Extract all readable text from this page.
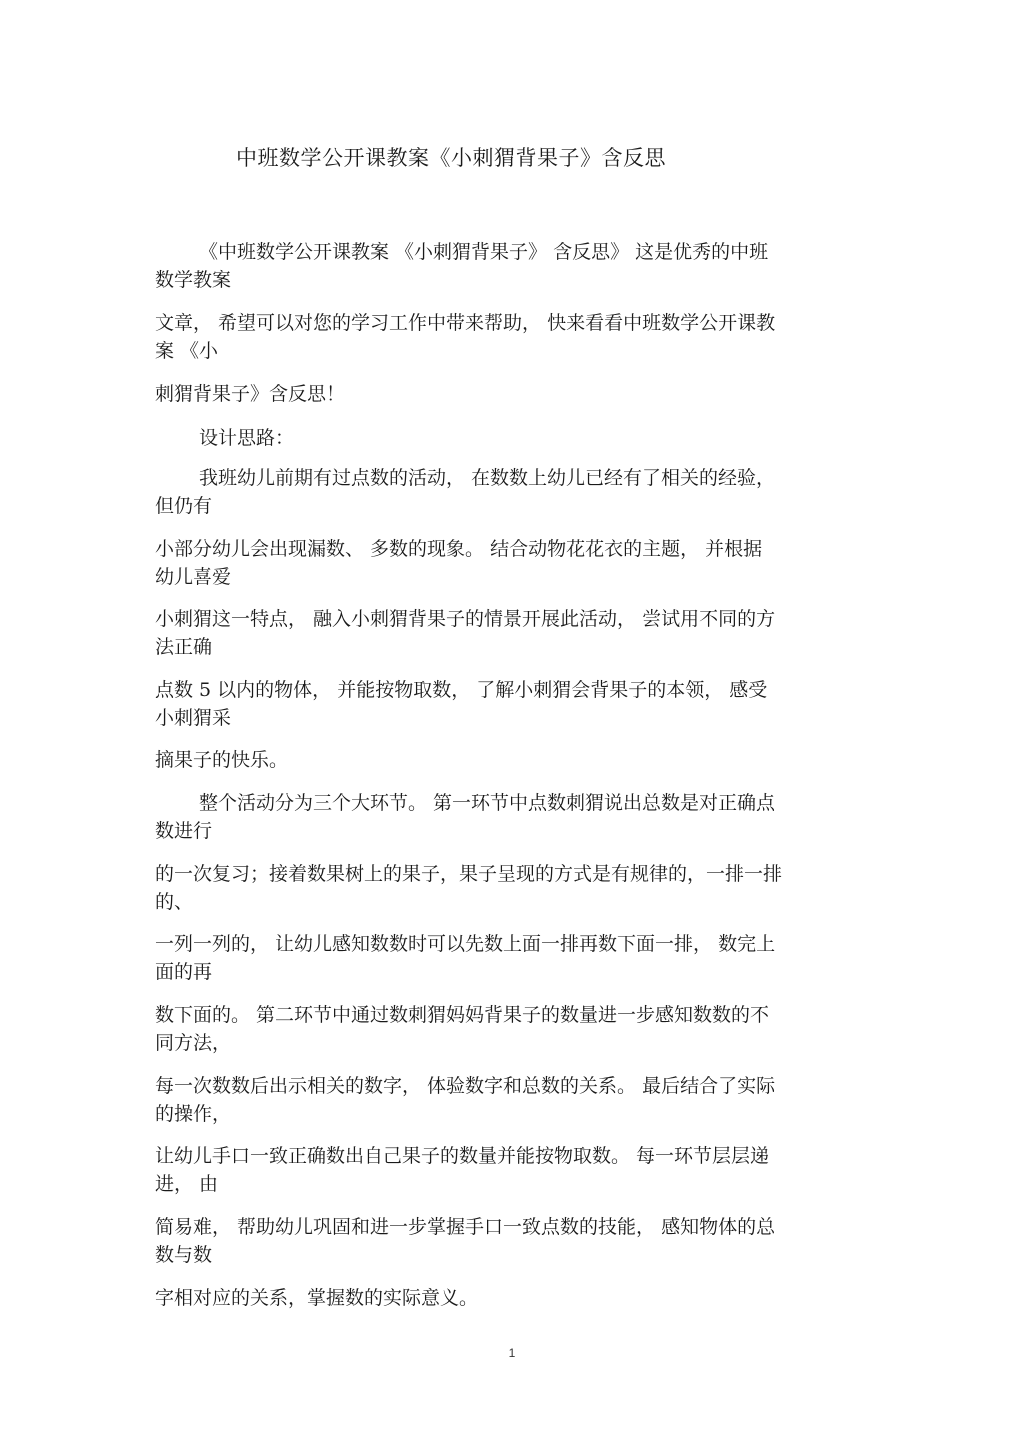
中班数学公开课教案《小刺猬背果子》含反思
《中班数学公开课教案 《小刺猬背果子》 含反思》 这是优秀的中班
数学教案
文章， 希望可以对您的学习工作中带来帮助， 快来看看中班数学公开课教
案 《小
刺猬背果子》含反思！
设计思路：
我班幼儿前期有过点数的活动， 在数数上幼儿已经有了相关的经验，
但仍有
小部分幼儿会出现漏数、 多数的现象。 结合动物花花衣的主题， 并根据
幼儿喜爱
小刺猬这一特点， 融入小刺猬背果子的情景开展此活动， 尝试用不同的方
法正确
点数 5 以内的物体， 并能按物取数， 了解小刺猬会背果子的本领， 感受
小刺猬采
摘果子的快乐。
整个活动分为三个大环节。 第一环节中点数刺猬说出总数是对正确点
数进行
的一次复习；接着数果树上的果子，果子呈现的方式是有规律的，一排一排
的、
一列一列的， 让幼儿感知数数时可以先数上面一排再数下面一排， 数完上
面的再
数下面的。 第二环节中通过数刺猬妈妈背果子的数量进一步感知数数的不
同方法，
每一次数数后出示相关的数字， 体验数字和总数的关系。 最后结合了实际
的操作，
让幼儿手口一致正确数出自己果子的数量并能按物取数。 每一环节层层递
进， 由
简易难， 帮助幼儿巩固和进一步掌握手口一致点数的技能， 感知物体的总
数与数
字相对应的关系，掌握数的实际意义。
1
